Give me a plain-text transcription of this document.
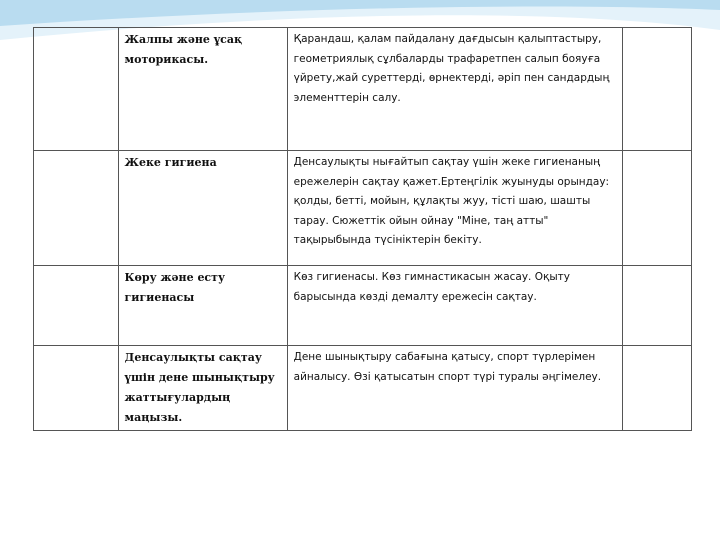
	Жалпы және ұсақ моторикасы.	Қарандаш, қалам пайдалану дағдысын қалыптастыру, геометриялық сұлбаларды трафаретпен салып бояуға үйрету,жай суреттерді, өрнектерді, әріп пен сандардың элементтерін салу.	

	Жеке гигиена	Денсаулықты нығайтып сақтау үшін жеке гигиенаның ережелерін сақтау қажет.Ертеңгілік жуынуды орындау: қолды, бетті, мойын, құлақты жуу, тісті шаю, шашты тарау. Сюжеттік ойын ойнау "Міне, таң атты" тақырыбында түсініктерін бекіту.	

	Көру және есту гигиенасы	Көз гигиенасы. Көз гимнастикасын жасау. Оқыту барысында көзді демалту ережесін сақтау.	

	Денсаулықты сақтау үшін дене шынықтыру жаттығулардың маңызы.	Дене шынықтыру сабағына қатысу, спорт түрлерімен айналысу. Өзі қатысатын спорт түрі туралы әңгімелеу.	
